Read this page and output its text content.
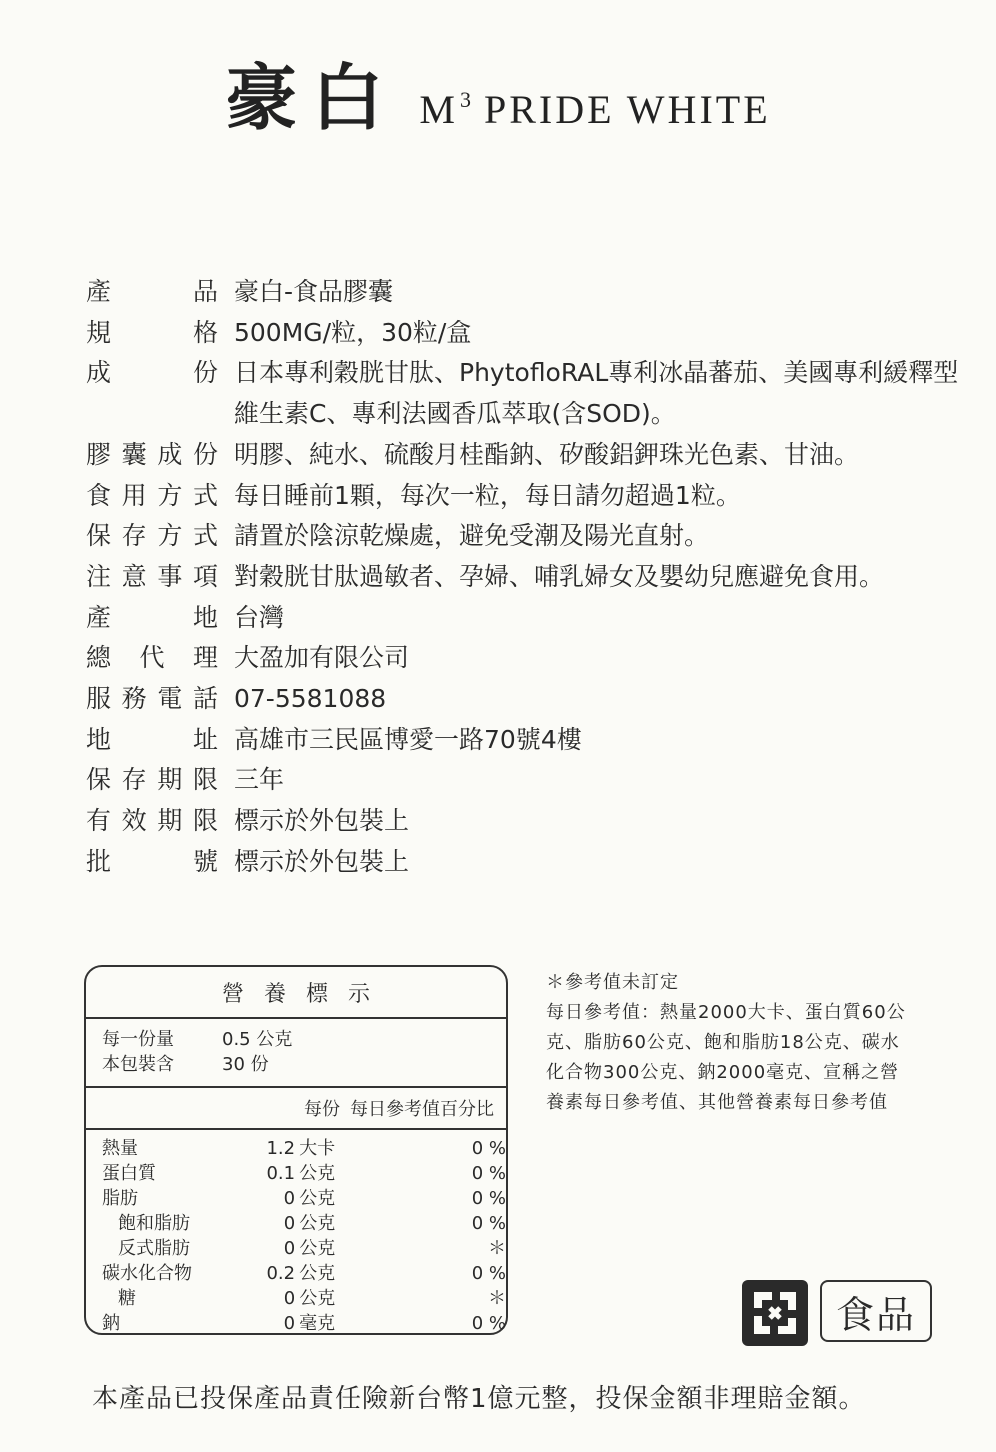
豪白 $M^3$ PRIDE WHITE
產	品 豪白-食品膠囊
規	格 500MG/粒，30粒/盒
成	份 日本專利穀胱甘肽、PhytofloRAL專利冰晶蕃茄、美國專利緩釋型
維生素C、專利法國香瓜萃取(含SOD)。
膠 囊 成 份 明膠、純水、硫酸月桂酯鈉、矽酸鋁鉀珠光色素、甘油。
食 用 方 式 每日睡前1顆，每次一粒，每日請勿超過1粒。
保 存 方 式 請置於陰涼乾燥處，避免受潮及陽光直射。
注 意 事 項 對穀胱甘肽過敏者、孕婦、哺乳婦女及嬰幼兒應避免食用。
產	地 台灣
總 代 理 大盈加有限公司
服 務 電 話 07-5581088
地	址 高雄市三民區博愛一路70號4樓
保 存 期 限 三年
有 效 期 限 標示於外包裝上
批	號 標示於外包裝上
營養標示
每一份量	0.5 公克
本包裝含	30 份
每份 每日參考值百分比
熱量	1.2 大卡	0 %
蛋白質	0.1 公克	0 %
脂肪	0 公克	0 %
飽和脂肪	0 公克	0 %
反式脂肪	0 公克	＊
碳水化合物	0.2 公克	0 %
糖	0 公克	＊
鈉	0 毫克	0 %
＊參考值未訂定
每日參考值：熱量2000大卡、蛋白質60公
克、脂肪60公克、飽和脂肪18公克、碳水
化合物300公克、鈉2000毫克、宣稱之營
養素每日參考值、其他營養素每日參考值
食品
本產品已投保產品責任險新台幣1億元整，投保金額非理賠金額。
